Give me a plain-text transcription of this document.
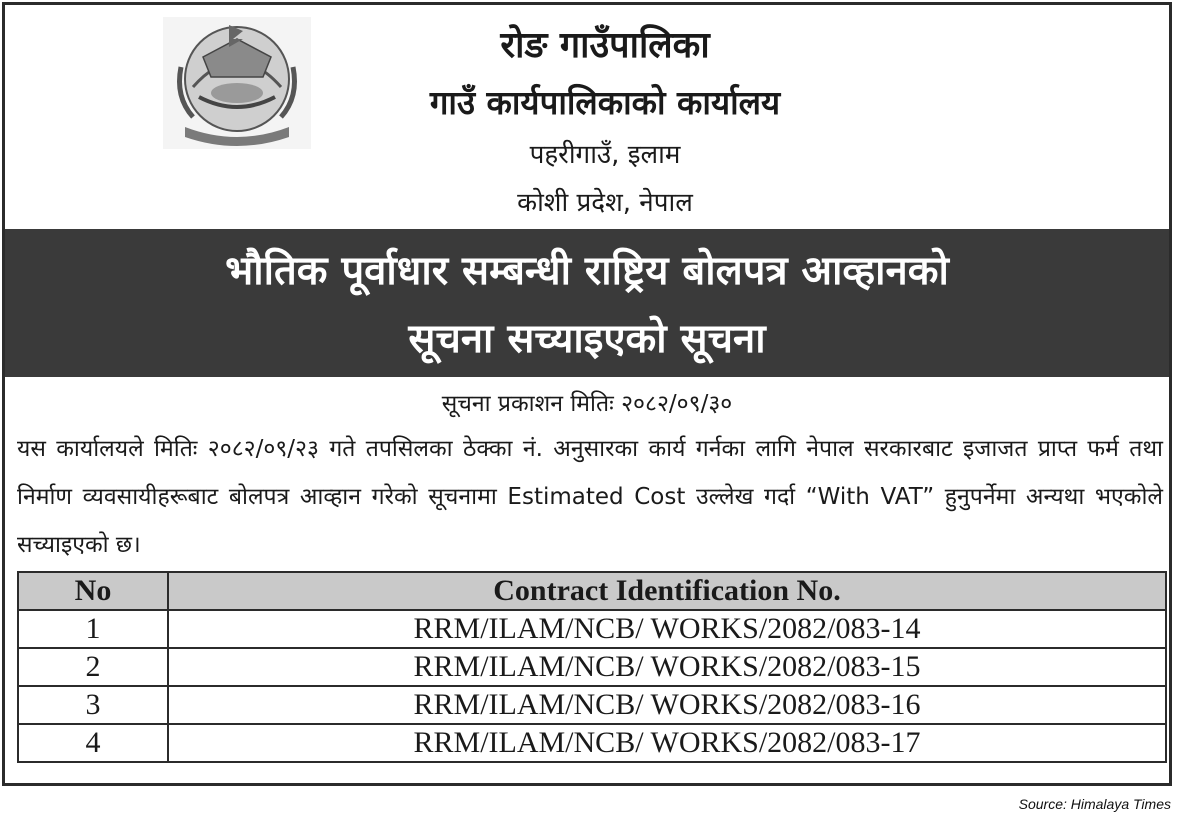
रोङ गाउँपालिका
गाउँ कार्यपालिकाको कार्यालय
पहरीगाउँ, इलाम
कोशी प्रदेश, नेपाल
भौतिक पूर्वाधार सम्बन्धी राष्ट्रिय बोलपत्र आव्हानको
सूचना सच्याइएको सूचना
सूचना प्रकाशन मितिः २०८२/०९/३०
यस कार्यालयले मितिः २०८२/०९/२३ गते तपसिलका ठेक्का नं. अनुसारका कार्य गर्नका लागि नेपाल सरकारबाट इजाजत प्राप्त फर्म तथा निर्माण व्यवसायीहरूबाट बोलपत्र आव्हान गरेको सूचनामा Estimated Cost उल्लेख गर्दा “With VAT” हुनुपर्नेमा अन्यथा भएकोले सच्याइएको छ।
No	Contract Identification No.
1	RRM/ILAM/NCB/ WORKS/2082/083-14
2	RRM/ILAM/NCB/ WORKS/2082/083-15
3	RRM/ILAM/NCB/ WORKS/2082/083-16
4	RRM/ILAM/NCB/ WORKS/2082/083-17
Source: Himalaya Times
